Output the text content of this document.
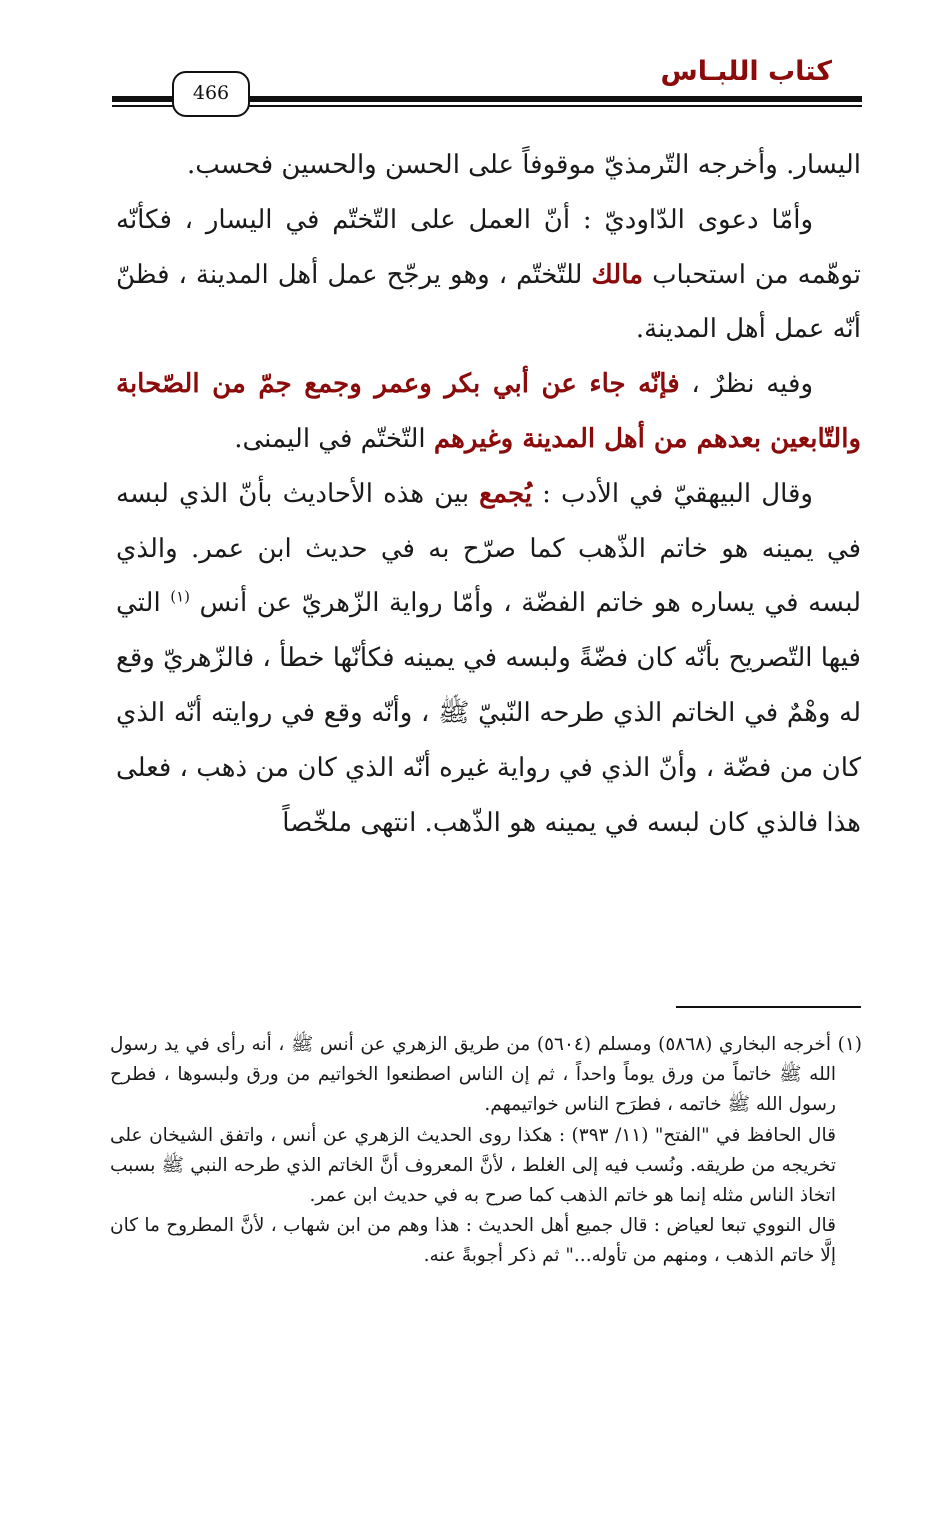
كتاب اللبـاس
466

اليسار. وأخرجه التّرمذيّ موقوفاً على الحسن والحسين فحسب.

وأمّا دعوى الدّاوديّ : أنّ العمل على التّختّم في اليسار ، فكأنّه توهّمه من استحباب مالك للتّختّم ، وهو يرجّح عمل أهل المدينة ، فظنّ أنّه عمل أهل المدينة.

وفيه نظرٌ ، فإنّه جاء عن أبي بكر وعمر وجمع جمّ من الصّحابة والتّابعين بعدهم من أهل المدينة وغيرهم التّختّم في اليمنى.

وقال البيهقيّ في الأدب : يُجمع بين هذه الأحاديث بأنّ الذي لبسه في يمينه هو خاتم الذّهب كما صرّح به في حديث ابن عمر. والذي لبسه في يساره هو خاتم الفضّة ، وأمّا رواية الزّهريّ عن أنس $^{(١)}$ التي فيها التّصريح بأنّه كان فضّةً ولبسه في يمينه فكأنّها خطأ ، فالزّهريّ وقع له وهْمٌ في الخاتم الذي طرحه النّبيّ ﷺ ، وأنّه وقع في روايته أنّه الذي كان من فضّة ، وأنّ الذي في رواية غيره أنّه الذي كان من ذهب ، فعلى هذا فالذي كان لبسه في يمينه هو الذّهب. انتهى ملخّصاً

(١) أخرجه البخاري (٥٨٦٨) ومسلم (٥٦٠٤) من طريق الزهري عن أنس ﷺ ، أنه رأى في يد رسول الله ﷺ خاتماً من ورق يوماً واحداً ، ثم إن الناس اصطنعوا الخواتيم من ورق ولبسوها ، فطرح رسول الله ﷺ خاتمه ، فطرَح الناس خواتيمهم.

قال الحافظ في "الفتح" (١١/ ٣٩٣) : هكذا روى الحديث الزهري عن أنس ، واتفق الشيخان على تخريجه من طريقه. ونُسب فيه إلى الغلط ، لأنَّ المعروف أنَّ الخاتم الذي طرحه النبي ﷺ بسبب اتخاذ الناس مثله إنما هو خاتم الذهب كما صرح به في حديث ابن عمر.

قال النووي تبعا لعياض : قال جميع أهل الحديث : هذا وهم من ابن شهاب ، لأنَّ المطروح ما كان إلَّا خاتم الذهب ، ومنهم من تأوله..." ثم ذكر أجوبةً عنه.
